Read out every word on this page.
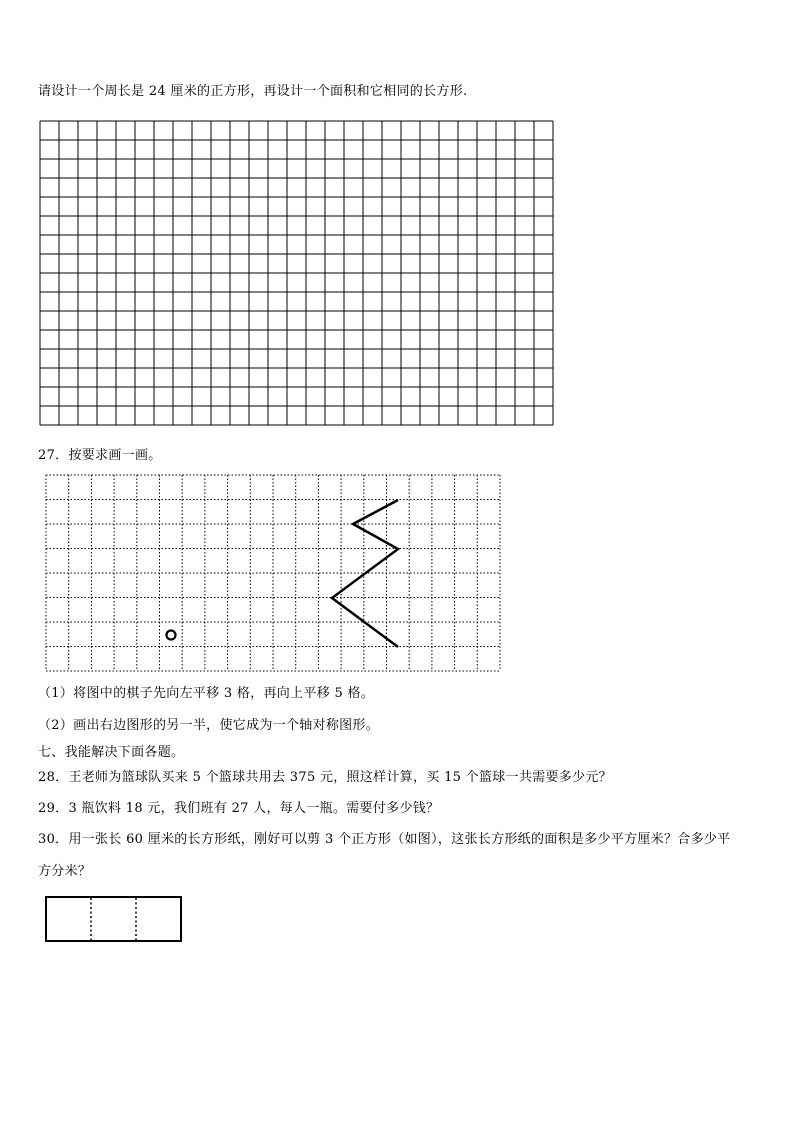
请设计一个周长是 24 厘米的正方形，再设计一个面积和它相同的长方形.
27．按要求画一画。
（1）将图中的棋子先向左平移 3 格，再向上平移 5 格。
（2）画出右边图形的另一半，使它成为一个轴对称图形。
七、我能解决下面各题。
28．王老师为篮球队买来 5 个篮球共用去 375 元，照这样计算，买 15 个篮球一共需要多少元？
29．3 瓶饮料 18 元，我们班有 27 人，每人一瓶。需要付多少钱？
30．用一张长 60 厘米的长方形纸，刚好可以剪 3 个正方形（如图），这张长方形纸的面积是多少平方厘米？合多少平
方分米？
